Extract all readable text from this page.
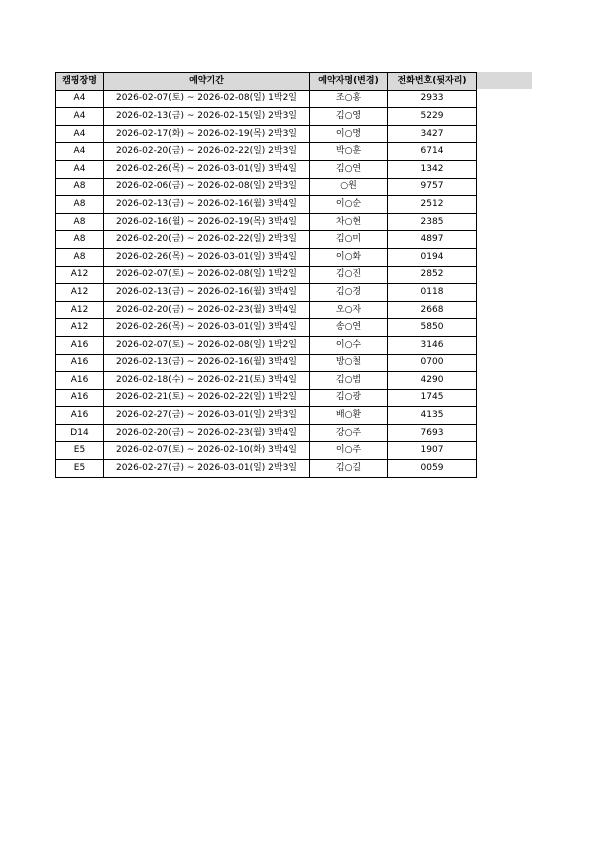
캠핑장명	예약기간	예약자명(변경)	전화번호(뒷자리)
A4	2026-02-07(토) ~ 2026-02-08(일) 1박2일	조○홍	2933
A4	2026-02-13(금) ~ 2026-02-15(일) 2박3일	김○영	5229
A4	2026-02-17(화) ~ 2026-02-19(목) 2박3일	이○명	3427
A4	2026-02-20(금) ~ 2026-02-22(일) 2박3일	박○훈	6714
A4	2026-02-26(목) ~ 2026-03-01(일) 3박4일	김○연	1342
A8	2026-02-06(금) ~ 2026-02-08(일) 2박3일	○원	9757
A8	2026-02-13(금) ~ 2026-02-16(월) 3박4일	이○순	2512
A8	2026-02-16(월) ~ 2026-02-19(목) 3박4일	차○현	2385
A8	2026-02-20(금) ~ 2026-02-22(일) 2박3일	김○미	4897
A8	2026-02-26(목) ~ 2026-03-01(일) 3박4일	이○화	0194
A12	2026-02-07(토) ~ 2026-02-08(일) 1박2일	김○진	2852
A12	2026-02-13(금) ~ 2026-02-16(월) 3박4일	김○경	0118
A12	2026-02-20(금) ~ 2026-02-23(월) 3박4일	오○자	2668
A12	2026-02-26(목) ~ 2026-03-01(일) 3박4일	송○연	5850
A16	2026-02-07(토) ~ 2026-02-08(일) 1박2일	이○수	3146
A16	2026-02-13(금) ~ 2026-02-16(월) 3박4일	방○철	0700
A16	2026-02-18(수) ~ 2026-02-21(토) 3박4일	김○범	4290
A16	2026-02-21(토) ~ 2026-02-22(일) 1박2일	김○광	1745
A16	2026-02-27(금) ~ 2026-03-01(일) 2박3일	배○환	4135
D14	2026-02-20(금) ~ 2026-02-23(월) 3박4일	강○주	7693
E5	2026-02-07(토) ~ 2026-02-10(화) 3박4일	이○주	1907
E5	2026-02-27(금) ~ 2026-03-01(일) 2박3일	김○길	0059
